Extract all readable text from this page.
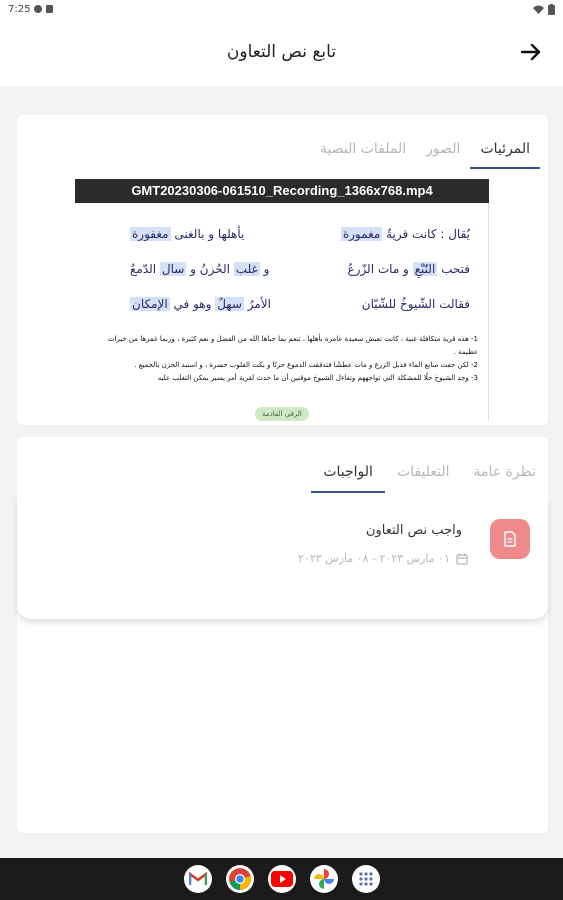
7:25
تابع نص التعاون
المرئيات
الصور
الملفات النصية
GMT20230306-061510_Recording_1366x768.mp4
يُقال : كانت قريةٌ مغمورة
يأهلها و بالغنى مغفورة
فتحب النّبْعِ و مات الزّرعُ
و غلب الحُزنُ و سال الدّمعُ
فقالت الشّيوخُ للشّبّان
الأمرُ سهلٌ وهو في الإمكان

1- هذه قرية متكافلة غنية ، كانت تعيش سعيدة عامرة بأهلها ، تنعم بما حباها الله من الفضل و نعم كثيرة ، وربما غمرها من خيرات عظيمة .

2- لكن جفت منابع الماء فذبل الزرع و مات عطشًا فتدفقت الدموع حزنًا و بكت القلوب حسرة ، و استبد الحزن بالجميع .

3- وجد الشيوخ حلًا للمشكلة التي تواجههم وتفاءل الشيوخ موقنين أن ما حدث لقرية أمر يسير يمكن التغلب عليه

الرقي القادمة
نظرة عامة
التعليقات
الواجبات
واجب نص التعاون
٠١ مارس ٢٠٢٣ - ٠٨ مارس ٢٠٢٣
